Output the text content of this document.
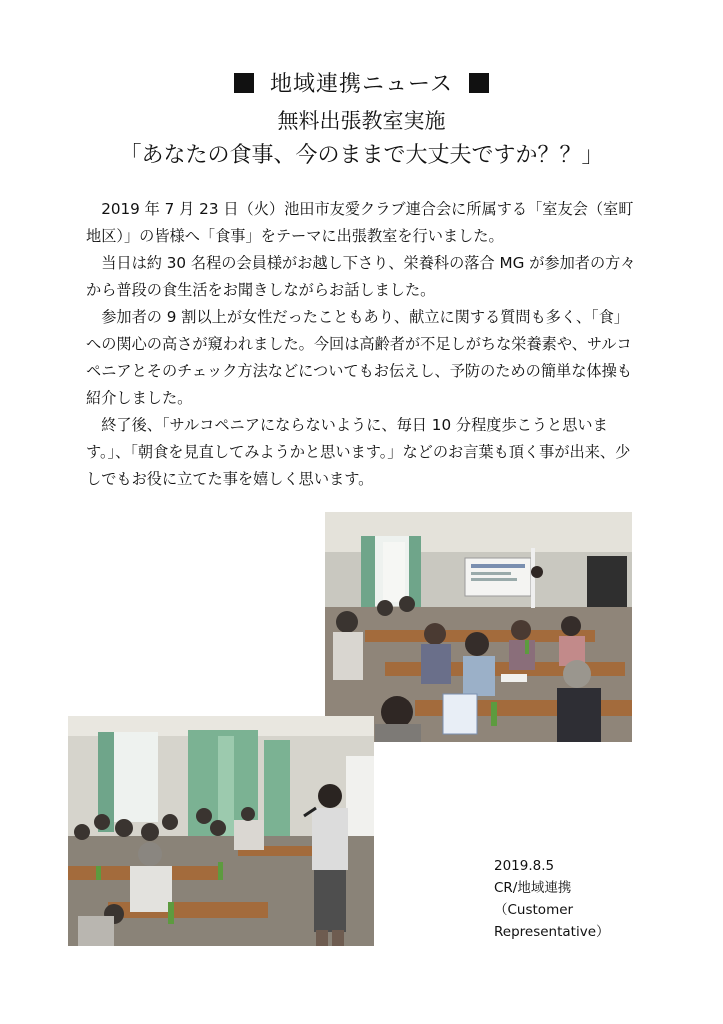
地域連携ニュース
無料出張教室実施
「あなたの食事、今のままで大丈夫ですか？？」

2019 年 7 月 23 日（火）池田市友愛クラブ連合会に所属する「室友会（室町地区）」の皆様へ「食事」をテーマに出張教室を行いました。

当日は約 30 名程の会員様がお越し下さり、栄養科の落合 MG が参加者の方々から普段の食生活をお聞きしながらお話しました。

参加者の 9 割以上が女性だったこともあり、献立に関する質問も多く、「食」への関心の高さが窺われました。今回は高齢者が不足しがちな栄養素や、サルコペニアとそのチェック方法などについてもお伝えし、予防のための簡単な体操も紹介しました。

終了後、「サルコペニアにならないように、毎日 10 分程度歩こうと思います。」、「朝食を見直してみようかと思います。」などのお言葉も頂く事が出来、少しでもお役に立てた事を嬉しく思います。

2019.8.5
CR/地域連携
（Customer
Representative）
